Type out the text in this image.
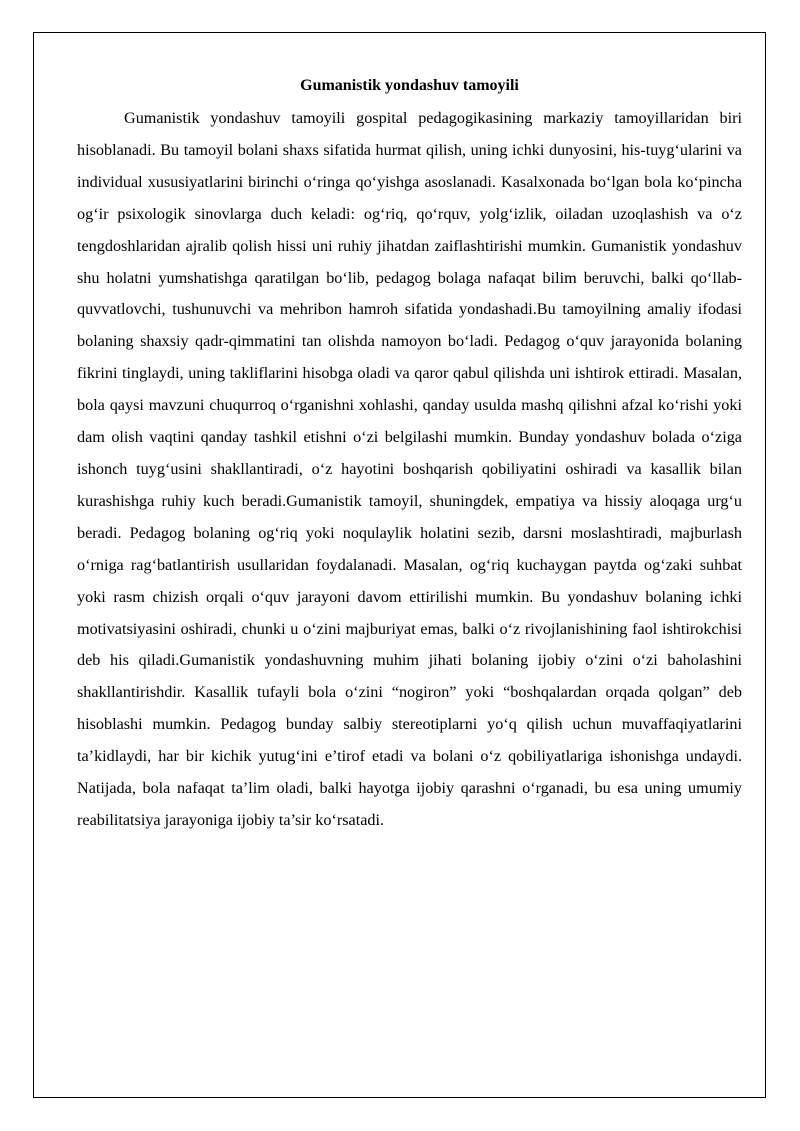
Gumanistik yondashuv tamoyili

Gumanistik yondashuv tamoyili gospital pedagogikasining markaziy tamoyillaridan biri hisoblanadi. Bu tamoyil bolani shaxs sifatida hurmat qilish, uning ichki dunyosini, his-tuyg‘ularini va individual xususiyatlarini birinchi o‘ringa qo‘yishga asoslanadi. Kasalxonada bo‘lgan bola ko‘pincha og‘ir psixologik sinovlarga duch keladi: og‘riq, qo‘rquv, yolg‘izlik, oiladan uzoqlashish va o‘z tengdoshlaridan ajralib qolish hissi uni ruhiy jihatdan zaiflashtirishi mumkin. Gumanistik yondashuv shu holatni yumshatishga qaratilgan bo‘lib, pedagog bolaga nafaqat bilim beruvchi, balki qo‘llab-quvvatlovchi, tushunuvchi va mehribon hamroh sifatida yondashadi.Bu tamoyilning amaliy ifodasi bolaning shaxsiy qadr-qimmatini tan olishda namoyon bo‘ladi. Pedagog o‘quv jarayonida bolaning fikrini tinglaydi, uning takliflarini hisobga oladi va qaror qabul qilishda uni ishtirok ettiradi. Masalan, bola qaysi mavzuni chuqurroq o‘rganishni xohlashi, qanday usulda mashq qilishni afzal ko‘rishi yoki dam olish vaqtini qanday tashkil etishni o‘zi belgilashi mumkin. Bunday yondashuv bolada o‘ziga ishonch tuyg‘usini shakllantiradi, o‘z hayotini boshqarish qobiliyatini oshiradi va kasallik bilan kurashishga ruhiy kuch beradi.Gumanistik tamoyil, shuningdek, empatiya va hissiy aloqaga urg‘u beradi. Pedagog bolaning og‘riq yoki noqulaylik holatini sezib, darsni moslashtiradi, majburlash o‘rniga rag‘batlantirish usullaridan foydalanadi. Masalan, og‘riq kuchaygan paytda og‘zaki suhbat yoki rasm chizish orqali o‘quv jarayoni davom ettirilishi mumkin. Bu yondashuv bolaning ichki motivatsiyasini oshiradi, chunki u o‘zini majburiyat emas, balki o‘z rivojlanishining faol ishtirokchisi deb his qiladi.Gumanistik yondashuvning muhim jihati bolaning ijobiy o‘zini o‘zi baholashini shakllantirishdir. Kasallik tufayli bola o‘zini “nogiron” yoki “boshqalardan orqada qolgan” deb hisoblashi mumkin. Pedagog bunday salbiy stereotiplarni yo‘q qilish uchun muvaffaqiyatlarini ta’kidlaydi, har bir kichik yutug‘ini e’tirof etadi va bolani o‘z qobiliyatlariga ishonishga undaydi. Natijada, bola nafaqat ta’lim oladi, balki hayotga ijobiy qarashni o‘rganadi, bu esa uning umumiy reabilitatsiya jarayoniga ijobiy ta’sir ko‘rsatadi.
